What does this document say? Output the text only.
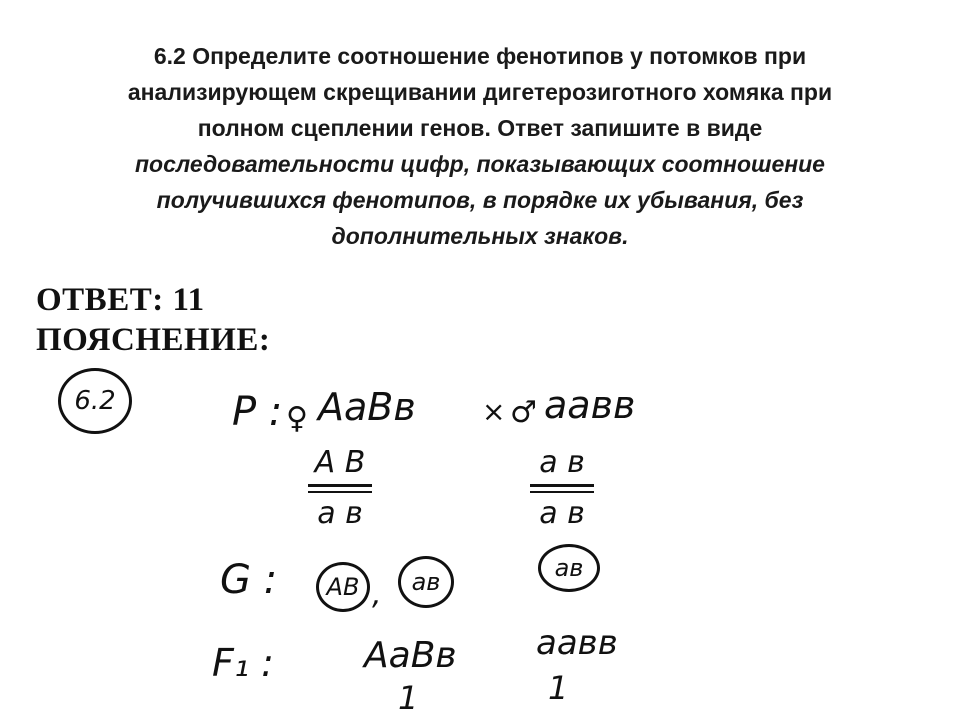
6.2 Определите соотношение фенотипов у потомков при
анализирующем скрещивании дигетерозиготного хомяка при
полном сцеплении генов. Ответ запишите в виде
последовательности цифр, показывающих соотношение
получившихся фенотипов, в порядке их убывания, без
дополнительных знаков.
ОТВЕТ: 11
ПОЯСНЕНИЕ:
6.2	P : ♀ AaBв × ♂ aaвв
A B
a в
a в
a в
G : AB , aв	aв
F₁ :	AaBв
1
aaвв
1
